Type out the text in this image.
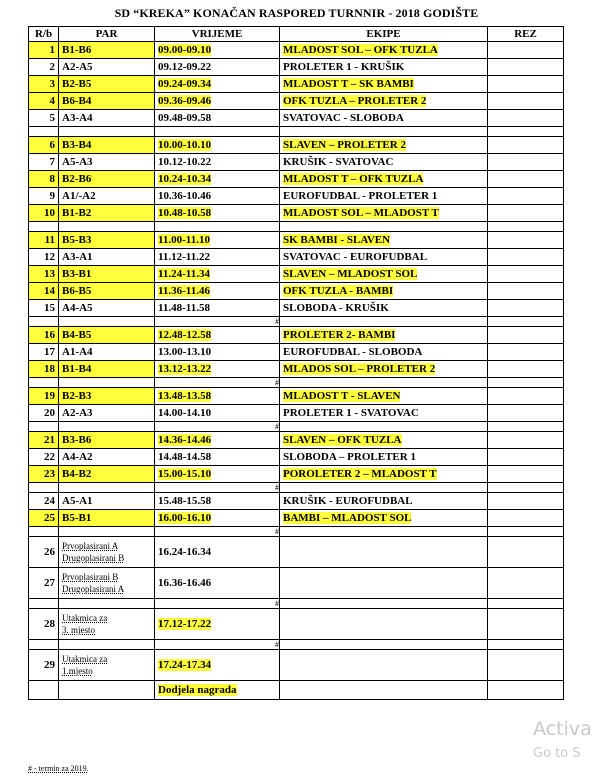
SD “KREKA” KONAČAN RASPORED TURNNIR - 2018 GODIŠTE
R/b	PAR	VRIJEME	EKIPE	REZ
1	B1-B6	09.00-09.10	MLADOST SOL – OFK TUZLA	
2	A2-A5	09.12-09.22	PROLETER 1 - KRUŠIK	
3	B2-B5	09.24-09.34	MLADOST T – SK BAMBI	
4	B6-B4	09.36-09.46	OFK TUZLA – PROLETER 2	
5	A3-A4	09.48-09.58	SVATOVAC - SLOBODA	

6	B3-B4	10.00-10.10	SLAVEN – PROLETER 2	
7	A5-A3	10.12-10.22	KRUŠIK - SVATOVAC	
8	B2-B6	10.24-10.34	MLADOST T – OFK TUZLA	
9	A1/-A2	10.36-10.46	EUROFUDBAL - PROLETER 1	
10	B1-B2	10.48-10.58	MLADOST SOL – MLADOST T	

11	B5-B3	11.00-11.10	SK BAMBI - SLAVEN	
12	A3-A1	11.12-11.22	SVATOVAC - EUROFUDBAL	
13	B3-B1	11.24-11.34	SLAVEN – MLADOST SOL	
14	B6-B5	11.36-11.46	OFK TUZLA - BAMBI	
15	A4-A5	11.48-11.58	SLOBODA - KRUŠIK	
		#		
16	B4-B5	12.48-12.58	PROLETER 2- BAMBI	
17	A1-A4	13.00-13.10	EUROFUDBAL - SLOBODA	
18	B1-B4	13.12-13.22	MLADOS SOL – PROLETER 2	
		#		
19	B2-B3	13.48-13.58	MLADOST T - SLAVEN	
20	A2-A3	14.00-14.10	PROLETER 1 - SVATOVAC	
		#		
21	B3-B6	14.36-14.46	SLAVEN – OFK TUZLA	
22	A4-A2	14.48-14.58	SLOBODA – PROLETER 1	
23	B4-B2	15.00-15.10	POROLETER 2 – MLADOST T	
		#		
24	A5-A1	15.48-15.58	KRUŠIK - EUROFUDBAL	
25	B5-B1	16.00-16.10	BAMBI – MLADOST SOL	
		#		
26	Prvoplasirani A
Drugoplasirani B	16.24-16.34		
27	Prvoplasirani B
Drugoplasirani A	16.36-16.46		
		#		
28	Utakmica za
3. mjesto	17.12-17.22		
		#		
29	Utakmica za
1.mjesto	17.24-17.34		
		Dodjela nagrada		
# - termin za 2019.
Activa
Go to S
